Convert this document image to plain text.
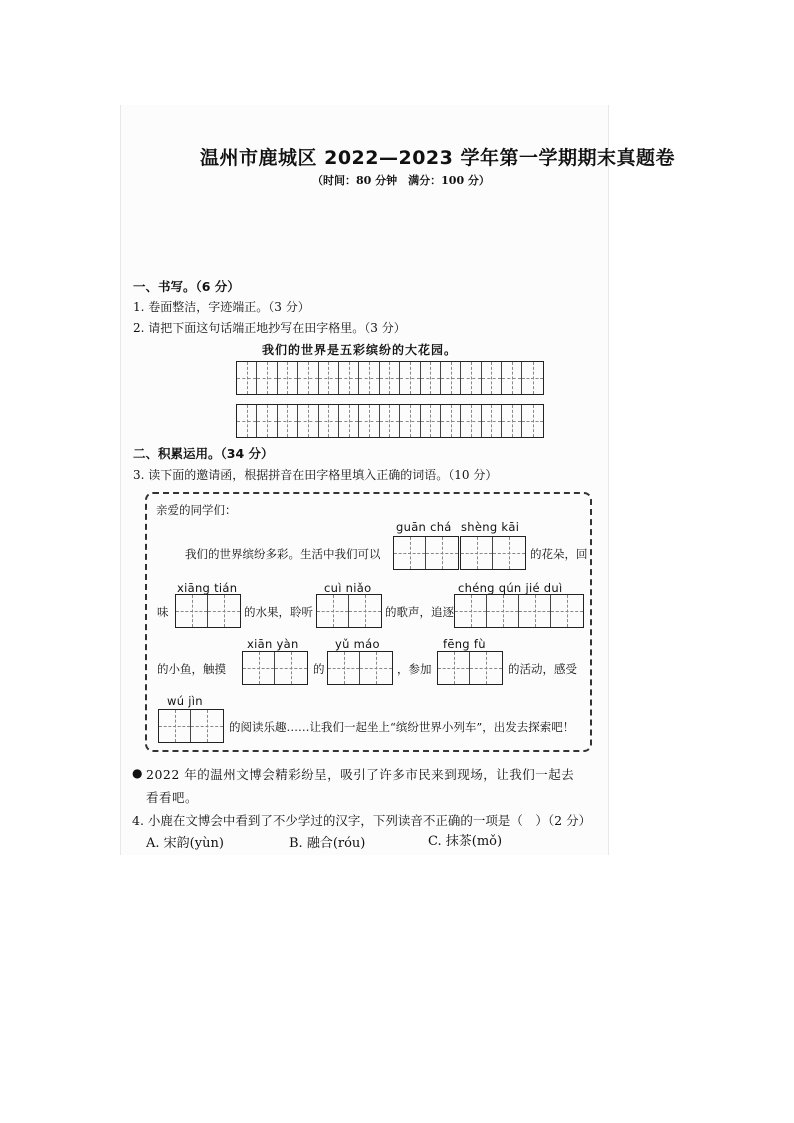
温州市鹿城区 2022—2023 学年第一学期期末真题卷
（时间：80 分钟　满分：100 分）
一、书写。（6 分）
1. 卷面整洁，字迹端正。（3 分）
2. 请把下面这句话端正地抄写在田字格里。（3 分）
我们的世界是五彩缤纷的大花园。
二、积累运用。（34 分）
3. 读下面的邀请函，根据拼音在田字格里填入正确的词语。（10 分）
亲爱的同学们：
guān chá shèng kāi
我们的世界缤纷多彩。生活中我们可以	的花朵，回
xiāng tián	cuì niǎo	chéng qún jié duì
味	的水果，聆听	的歌声，追逐
xiān yàn	yǔ máo	fēng fù
的小鱼，触摸	的	，参加	的活动，感受
wú jìn
的阅读乐趣……让我们一起坐上“缤纷世界小列车”，出发去探索吧！
● 2022 年的温州文博会精彩纷呈，吸引了许多市民来到现场，让我们一起去
看看吧。
4. 小鹿在文博会中看到了不少学过的汉字，下列读音不正确的一项是（　）（2 分）
A. 宋韵(yùn)	B. 融合(róu)	C. 抹茶(mǒ)
